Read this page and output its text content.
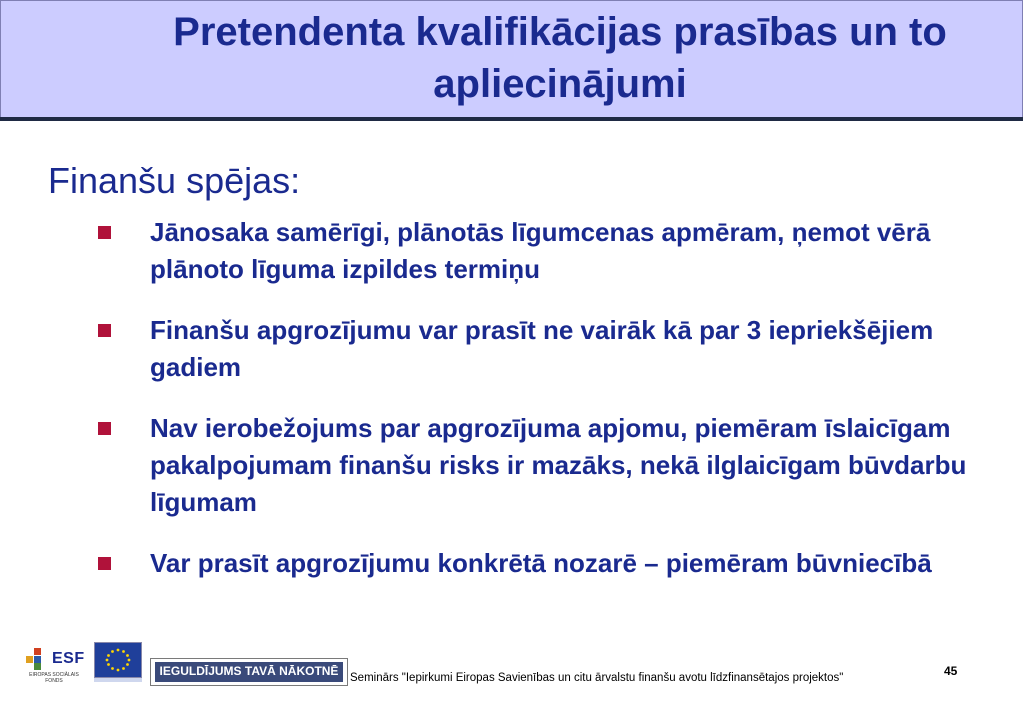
Pretendenta kvalifikācijas prasības un to apliecinājumi
Finanšu spējas:
Jānosaka samērīgi, plānotās līgumcenas apmēram, ņemot vērā plānoto līguma izpildes termiņu
Finanšu apgrozījumu var prasīt ne vairāk kā par 3 iepriekšējiem gadiem
Nav ierobežojums par apgrozījuma apjomu, piemēram īslaicīgam pakalpojumam finanšu risks ir mazāks, nekā ilglaicīgam būvdarbu līgumam
Var prasīt apgrozījumu konkrētā nozarē – piemēram būvniecībā
ESF
EIROPAS SOCIĀLAIS FONDS
IEGULDĪJUMS TAVĀ NĀKOTNĒ	Seminārs "Iepirkumi Eiropas Savienības un citu ārvalstu finanšu avotu līdzfinansētajos projektos"	45
